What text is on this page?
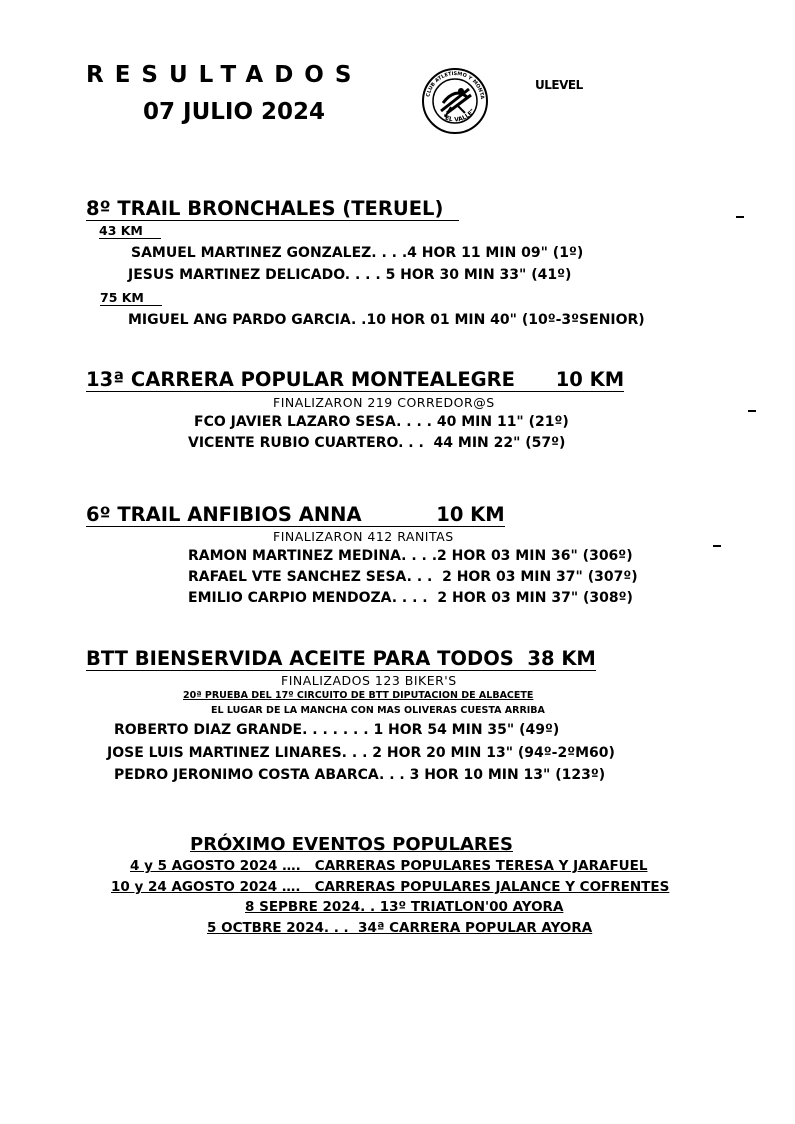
RESULTADOS
07 JULIO 2024
CLUB ATLETISMO Y MONTA
"EL VALLE"
ULEVEL
8º TRAIL BRONCHALES (TERUEL)
43 KM
SAMUEL MARTINEZ GONZALEZ. . . .4 HOR 11 MIN 09" (1º)
JESUS MARTINEZ DELICADO. . . . 5 HOR 30 MIN 33" (41º)
75 KM
MIGUEL ANG PARDO GARCIA. .10 HOR 01 MIN 40" (10º-3ºSENIOR)
13ª CARRERA POPULAR MONTEALEGRE      10 KM
FINALIZARON 219 CORREDOR@S
FCO JAVIER LAZARO SESA. . . . 40 MIN 11" (21º)
VICENTE RUBIO CUARTERO. . .  44 MIN 22" (57º)
6º TRAIL ANFIBIOS ANNA           10 KM
FINALIZARON 412 RANITAS
RAMON MARTINEZ MEDINA. . . .2 HOR 03 MIN 36" (306º)
RAFAEL VTE SANCHEZ SESA. . .  2 HOR 03 MIN 37" (307º)
EMILIO CARPIO MENDOZA. . . .  2 HOR 03 MIN 37" (308º)
BTT BIENSERVIDA ACEITE PARA TODOS  38 KM
FINALIZADOS 123 BIKER'S
20ª PRUEBA DEL 17º CIRCUITO DE BTT DIPUTACION DE ALBACETE
EL LUGAR DE LA MANCHA CON MAS OLIVERAS CUESTA ARRIBA
ROBERTO DIAZ GRANDE. . . . . . . 1 HOR 54 MIN 35" (49º)
JOSE LUIS MARTINEZ LINARES. . . 2 HOR 20 MIN 13" (94º-2ºM60)
PEDRO JERONIMO COSTA ABARCA. . . 3 HOR 10 MIN 13" (123º)
PRÓXIMO EVENTOS POPULARES
4 y 5 AGOSTO 2024 ….   CARRERAS POPULARES TERESA Y JARAFUEL
10 y 24 AGOSTO 2024 ….   CARRERAS POPULARES JALANCE Y COFRENTES
8 SEPBRE 2024. . 13º TRIATLON'00 AYORA
5 OCTBRE 2024. . .  34ª CARRERA POPULAR AYORA
